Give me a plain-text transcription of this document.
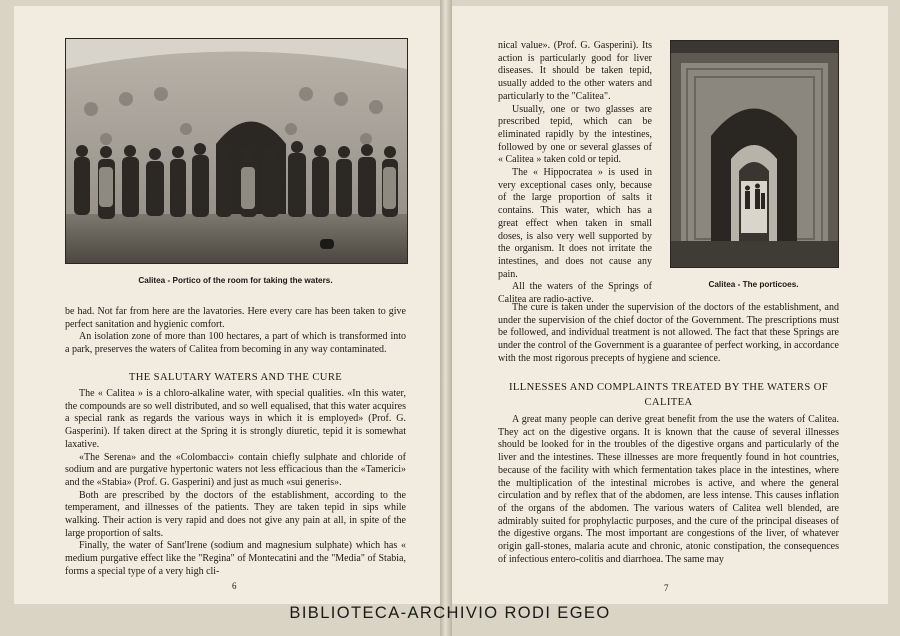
Calitea - Portico of the room for taking the waters.

be had. Not far from here are the lavatories. Here every care has been taken to give perfect sanitation and hygienic comfort.

An isolation zone of more than 100 hectares, a part of which is transformed into a park, preserves the waters of Calitea from becoming in any way contaminated.

THE SALUTARY WATERS AND THE CURE

The « Calitea » is a chloro-alkaline water, with special qualities. «In this water, the compounds are so well distributed, and so well equalised, that this water acquires a special rank as regards the various ways in which it is employed» (Prof. G. Gasperini). If taken direct at the Spring it is strongly diuretic, tepid it is somewhat laxative.

«The Serena» and the «Colombacci» contain chiefly sulphate and chloride of sodium and are purgative hypertonic waters not less efficacious than the «Tamerici» and the «Stabia» (Prof. G. Gasperini) and just as much «sui generis».

Both are prescribed by the doctors of the establishment, according to the temperament, and illnesses of the patients. They are taken tepid in sips while walking. Their action is very rapid and does not give any pain at all, in spite of the large proportion of salts.

Finally, the water of Sant'Irene (sodium and magnesium sulphate) which has « medium purgative effect like the "Regina" of Montecatini and the "Media" of Stabia, forms a special type of a very high cli-

6
Calitea - The porticoes.

nical value». (Prof. G. Gasperini). Its action is particularly good for liver diseases. It should be taken tepid, usually added to the other waters and particularly to the "Calitea".

Usually, one or two glasses are prescribed tepid, which can be eliminated rapidly by the intestines, followed by one or several glasses of « Calitea » taken cold or tepid.

The « Hippocratea » is used in very exceptional cases only, because of the large proportion of salts it contains. This water, which has a great effect when taken in small doses, is also very well supported by the organism. It does not irritate the intestines, and does not cause any pain.

All the waters of the Springs of Calitea are radio-active.

The cure is taken under the supervision of the doctors of the establishment, and under the supervision of the chief doctor of the Government. The prescriptions must be followed, and individual treatment is not allowed. The fact that these Springs are under the control of the Government is a guarantee of perfect working, in accordance with the most rigorous precepts of hygiene and science.

ILLNESSES AND COMPLAINTS TREATED BY THE WATERS OF CALITEA

A great many people can derive great benefit from the use the waters of Calitea. They act on the digestive organs. It is known that the cause of several illnesses should be looked for in the troubles of the digestive organs and particularly of the liver and the intestines. These illnesses are more frequently found in hot countries, because of the facility with which fermentation takes place in the intestines, where the multiplication of the intestinal microbes is active, and where the general circulation and by reflex that of the abdomen, are less intense. This causes inflation of the organs of the abdomen. The various waters of Calitea well blended, are admirably suited for prophylactic purposes, and the cure of the principal diseases of the digestive organs. The most important are congestions of the liver, of whatever origin gall-stones, malaria acute and chronic, atonic constipation, the consequences of infectious entero-colitis and diarrhoea. The same may

7
BIBLIOTECA-ARCHIVIO RODI EGEO
